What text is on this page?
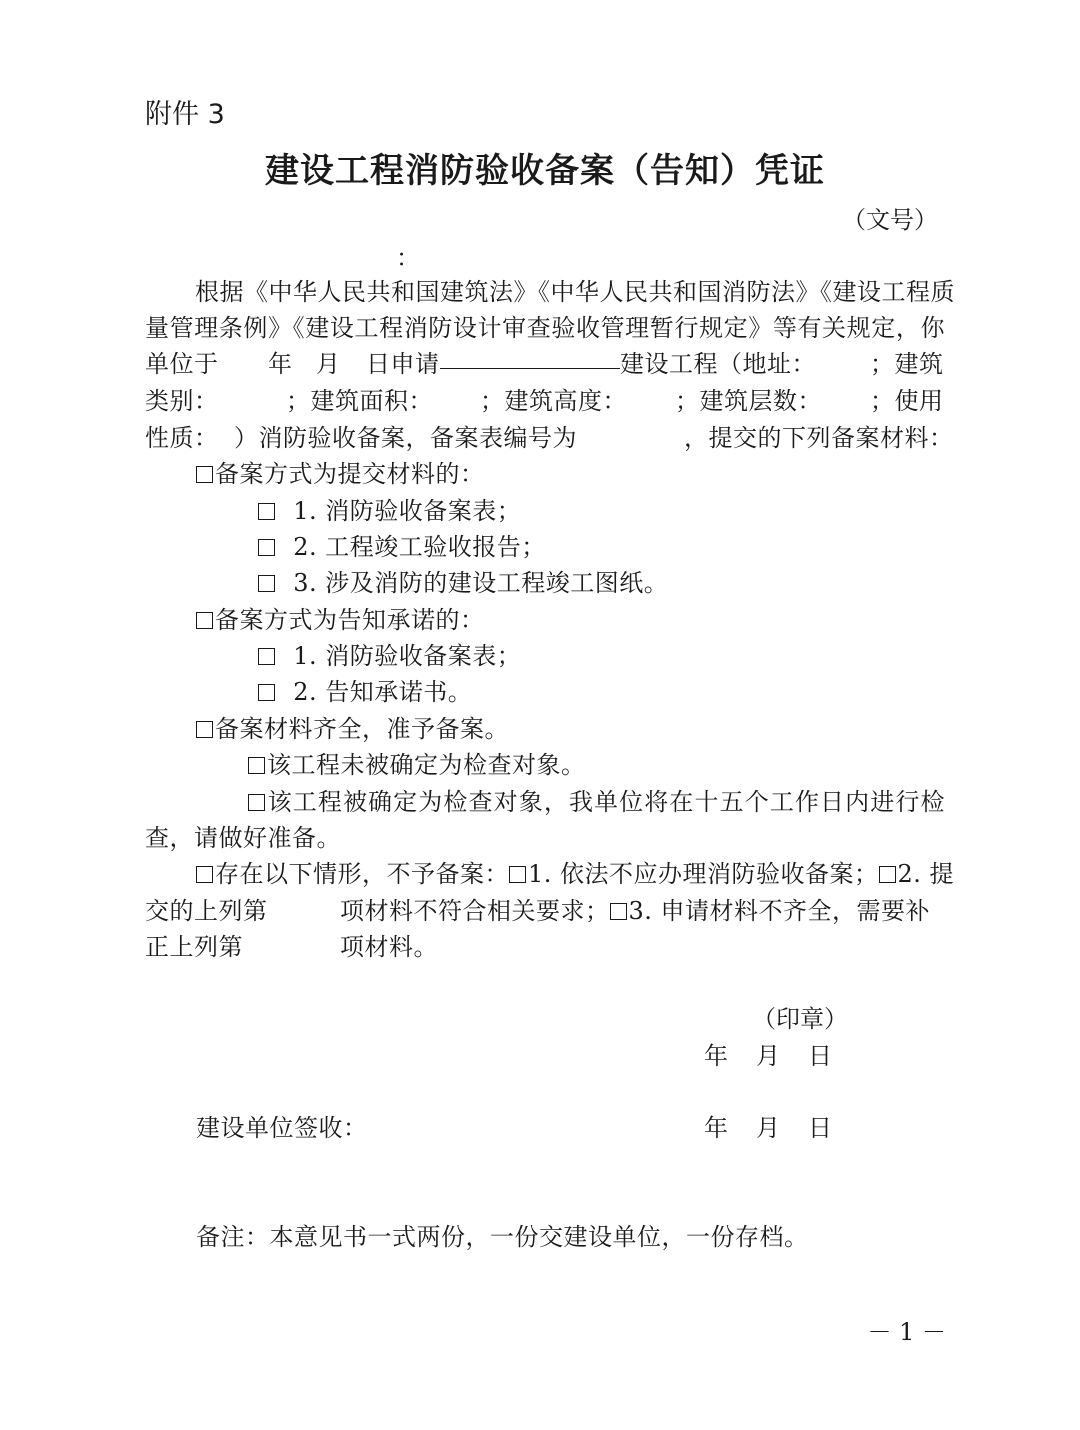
附件 3
建设工程消防验收备案（告知）凭证
（文号）
：
根据《中华人民共和国建筑法》《中华人民共和国消防法》《建设工程质
量管理条例》《建设工程消防设计审查验收管理暂行规定》等有关规定，你
单位于 年 月 日申请	建设工程（地址： ；建筑
类别：	；建筑面积： ；建筑高度： ；建筑层数： ；使用
性质： ）消防验收备案，备案表编号为	，提交的下列备案材料：
备案方式为提交材料的：
1. 消防验收备案表；
2. 工程竣工验收报告；
3. 涉及消防的建设工程竣工图纸。
备案方式为告知承诺的：
1. 消防验收备案表；
2. 告知承诺书。
备案材料齐全，准予备案。
该工程未被确定为检查对象。
该工程被确定为检查对象，我单位将在十五个工作日内进行检
查，请做好准备。
存在以下情形，不予备案： 1. 依法不应办理消防验收备案； 2. 提
交的上列第	项材料不符合相关要求； 3. 申请材料不齐全，需要补
正上列第	项材料。
（印章）
年 月 日
建设单位签收：	年 月 日
备注：本意见书一式两份，一份交建设单位，一份存档。
－ 1 －
